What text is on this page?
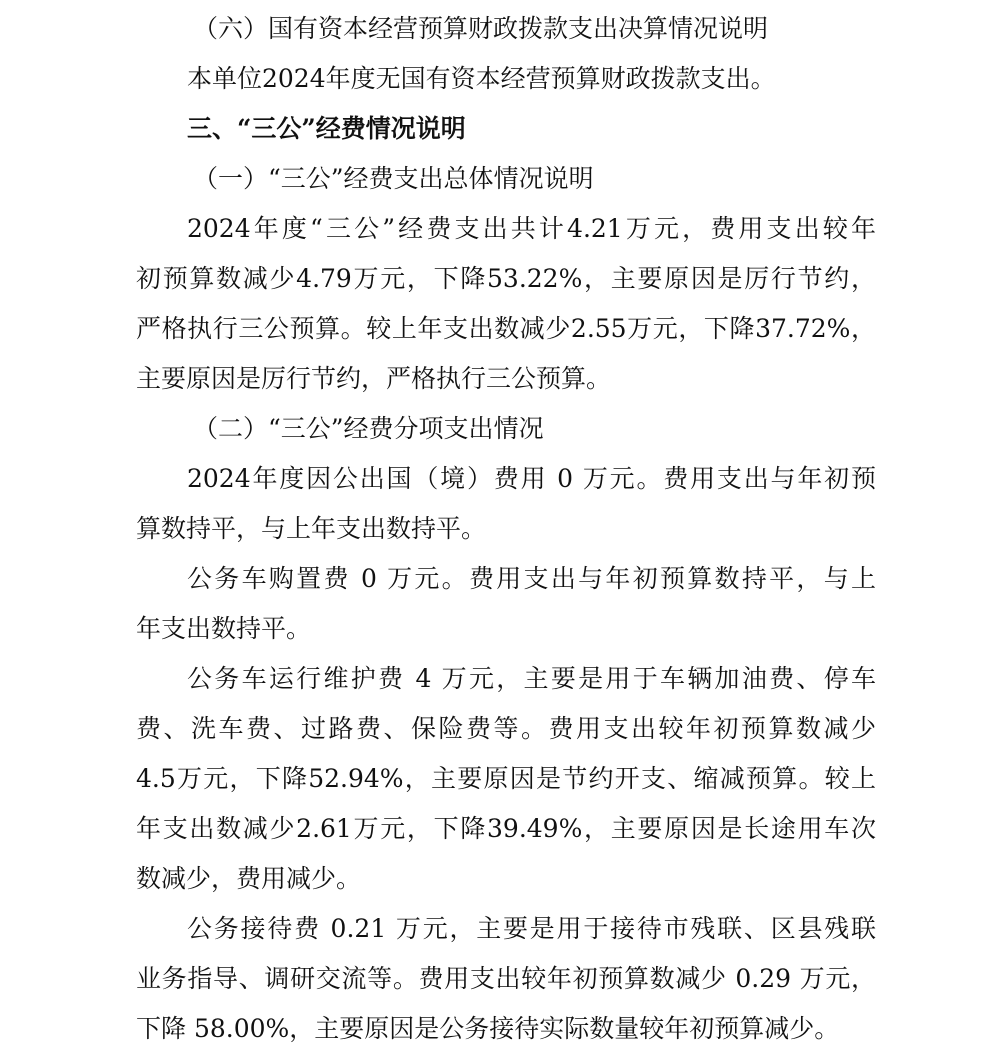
（六）国有资本经营预算财政拨款支出决算情况说明
本单位2024年度无国有资本经营预算财政拨款支出。
三、“三公”经费情况说明
（一）“三公”经费支出总体情况说明
2024年度“三公”经费支出共计4.21万元，费用支出较年
初预算数减少4.79万元，下降53.22%，主要原因是厉行节约，
严格执行三公预算。较上年支出数减少2.55万元，下降37.72%，
主要原因是厉行节约，严格执行三公预算。
（二）“三公”经费分项支出情况
2024年度因公出国（境）费用 0 万元。费用支出与年初预
算数持平，与上年支出数持平。
公务车购置费 0 万元。费用支出与年初预算数持平，与上
年支出数持平。
公务车运行维护费 4 万元，主要是用于车辆加油费、停车
费、洗车费、过路费、保险费等。费用支出较年初预算数减少
4.5万元，下降52.94%，主要原因是节约开支、缩减预算。较上
年支出数减少2.61万元，下降39.49%，主要原因是长途用车次
数减少，费用减少。
公务接待费 0.21 万元，主要是用于接待市残联、区县残联
业务指导、调研交流等。费用支出较年初预算数减少 0.29 万元，
下降 58.00%，主要原因是公务接待实际数量较年初预算减少。
